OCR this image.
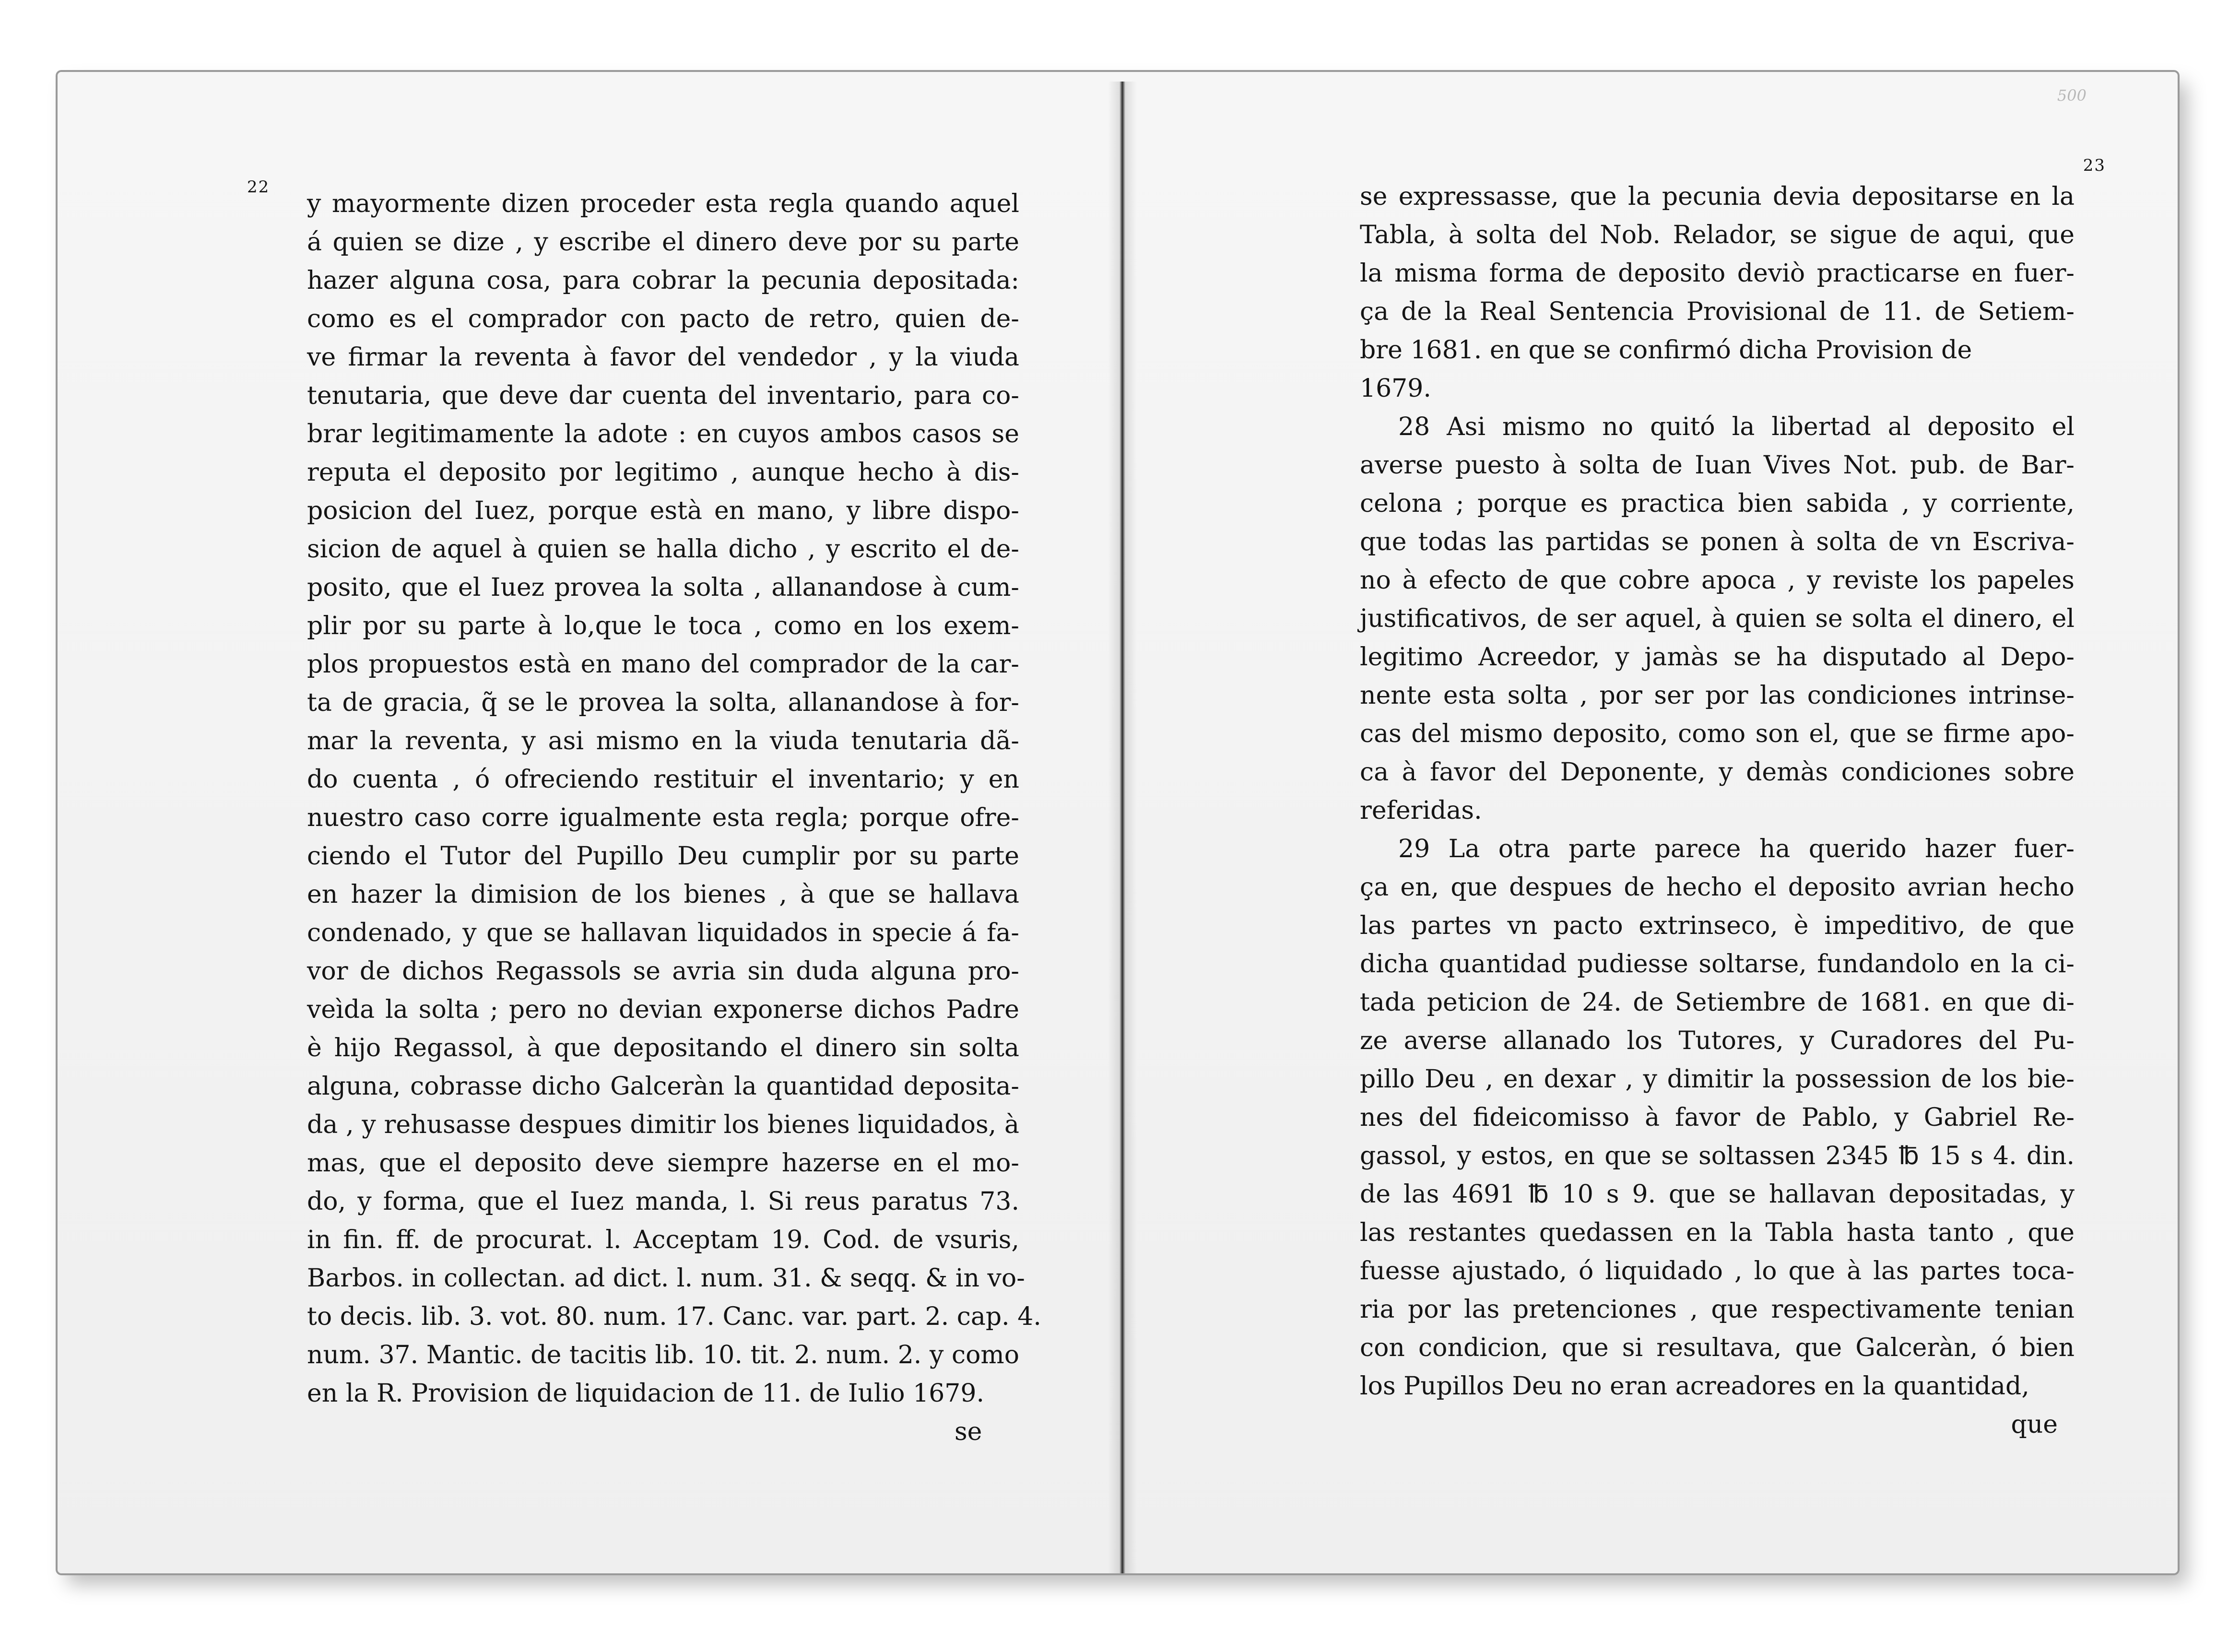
22
y mayormente dizen proceder esta regla quando aquel
á quien se dize , y escribe el dinero deve por su parte
hazer alguna cosa, para cobrar la pecunia depositada:
como es el comprador con pacto de retro, quien de-
ve firmar la reventa à favor del vendedor , y la viuda
tenutaria, que deve dar cuenta del inventario, para co-
brar legitimamente la adote : en cuyos ambos casos se
reputa el deposito por legitimo , aunque hecho à dis-
posicion del Iuez, porque està en mano, y libre dispo-
sicion de aquel à quien se halla dicho , y escrito el de-
posito, que el Iuez provea la solta , allanandose à cum-
plir por su parte à lo,que le toca , como en los exem-
plos propuestos està en mano del comprador de la car-
ta de gracia, q̃ se le provea la solta, allanandose à for-
mar la reventa, y asi mismo en la viuda tenutaria dã-
do cuenta , ó ofreciendo restituir el inventario; y en
nuestro caso corre igualmente esta regla; porque ofre-
ciendo el Tutor del Pupillo Deu cumplir por su parte
en hazer la dimision de los bienes , à que se hallava
condenado, y que se hallavan liquidados in specie á fa-
vor de dichos Regassols se avria sin duda alguna pro-
veìda la solta ; pero no devian exponerse dichos Padre
è hijo Regassol, à que depositando el dinero sin solta
alguna, cobrasse dicho Galceràn la quantidad deposita-
da , y rehusasse despues dimitir los bienes liquidados, à
mas, que el deposito deve siempre hazerse en el mo-
do, y forma, que el Iuez manda, l. Si reus paratus 73.
in fin. ff. de procurat. l. Acceptam 19. Cod. de vsuris,
Barbos. in collectan. ad dict. l. num. 31. & seqq. & in vo-
to decis. lib. 3. vot. 80. num. 17. Canc. var. part. 2. cap. 4.
num. 37. Mantic. de tacitis lib. 10. tit. 2. num. 2. y como
en la R. Provision de liquidacion de 11. de Iulio 1679.
se
500
23
se expressasse, que la pecunia devia depositarse en la
Tabla, à solta del Nob. Relador, se sigue de aqui, que
la misma forma de deposito deviò practicarse en fuer-
ça de la Real Sentencia Provisional de 11. de Setiem-
bre 1681. en que se confirmó dicha Provision de
1679.
28 Asi mismo no quitó la libertad al deposito el
averse puesto à solta de Iuan Vives Not. pub. de Bar-
celona ; porque es practica bien sabida , y corriente,
que todas las partidas se ponen à solta de vn Escriva-
no à efecto de que cobre apoca , y reviste los papeles
justificativos, de ser aquel, à quien se solta el dinero, el
legitimo Acreedor, y jamàs se ha disputado al Depo-
nente esta solta , por ser por las condiciones intrinse-
cas del mismo deposito, como son el, que se firme apo-
ca à favor del Deponente, y demàs condiciones sobre
referidas.
29 La otra parte parece ha querido hazer fuer-
ça en, que despues de hecho el deposito avrian hecho
las partes vn pacto extrinseco, è impeditivo, de que
dicha quantidad pudiesse soltarse, fundandolo en la ci-
tada peticion de 24. de Setiembre de 1681. en que di-
ze averse allanado los Tutores, y Curadores del Pu-
pillo Deu , en dexar , y dimitir la possession de los bie-
nes del fideicomisso à favor de Pablo, y Gabriel Re-
gassol, y estos, en que se soltassen 2345 ℔ 15 s 4. din.
de las 4691 ℔ 10 s 9. que se hallavan depositadas, y
las restantes quedassen en la Tabla hasta tanto , que
fuesse ajustado, ó liquidado , lo que à las partes toca-
ria por las pretenciones , que respectivamente tenian
con condicion, que si resultava, que Galceràn, ó bien
los Pupillos Deu no eran acreadores en la quantidad,
que
